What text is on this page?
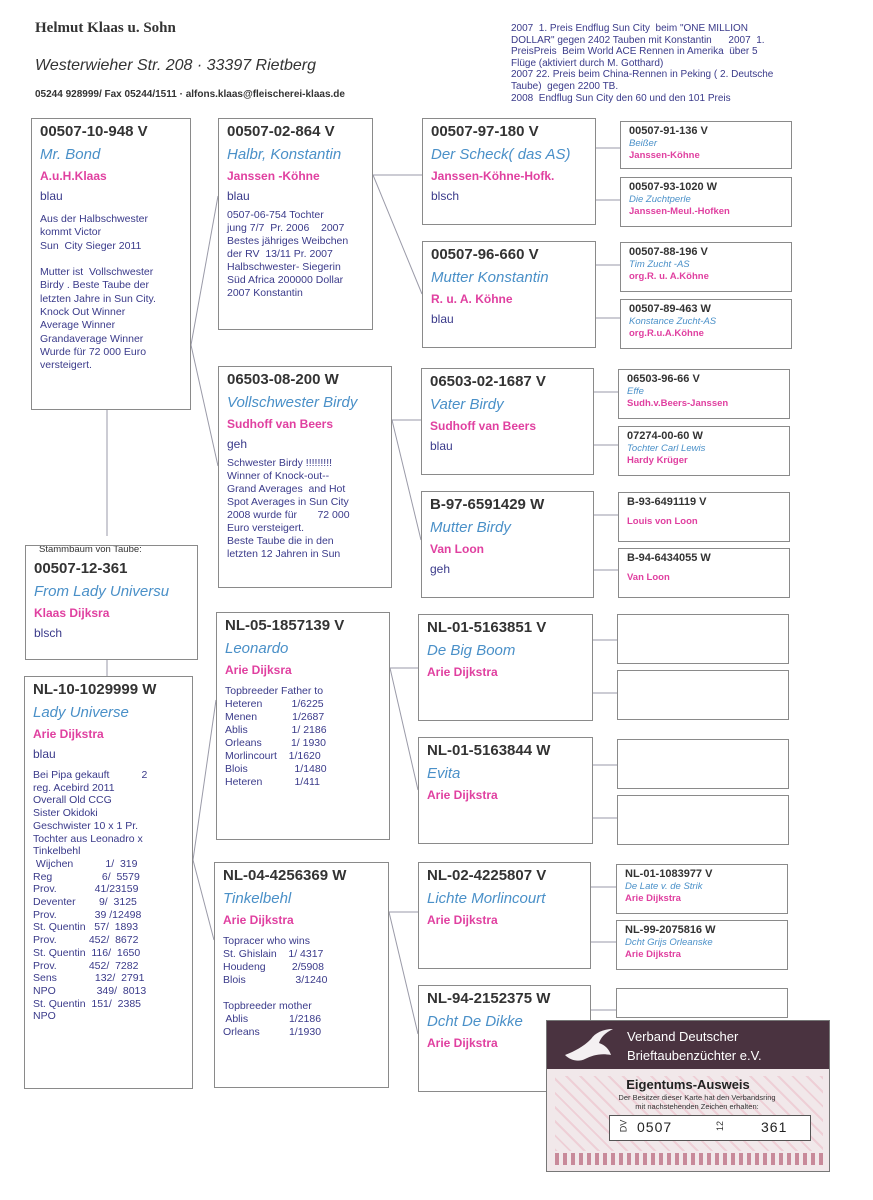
Helmut Klaas u. Sohn
Westerwieher Str. 208 · 33397 Rietberg
05244 928999/ Fax 05244/1511 · alfons.klaas@fleischerei-klaas.de
2007  1. Preis Endflug Sun City  beim "ONE MILLION DOLLAR" gegen 2402 Tauben mit Konstantin      2007  1. PreisPreis  Beim World ACE Rennen in Amerika  über 5 Flüge (aktiviert durch M. Gotthard)
2007 22. Preis beim China-Rennen in Peking ( 2. Deutsche Taube)  gegen 2200 TB.
2008  Endflug Sun City den 60 und den 101 Preis
00507-10-948 V
Mr. Bond
A.u.H.Klaas
blau
Aus der Halbschwester
kommt Victor
Sun  City Sieger 2011

Mutter ist  Vollschwester
Birdy . Beste Taube der
letzten Jahre in Sun City.
Knock Out Winner
Average Winner
Grandaverage Winner
Wurde für 72 000 Euro
versteigert.
Stammbaum von Taube:
00507-12-361
From Lady Universu
Klaas Dijksra
blsch
NL-10-1029999 W
Lady Universe
Arie Dijkstra
blau
Bei Pipa gekauft           2
reg. Acebird 2011
Overall Old CCG
Sister Okidoki
Geschwister 10 x 1 Pr.
Tochter aus Leonadro x
Tinkelbehl
Wijchen           1/  319
Reg                 6/  5579
Prov.             41/23159
Deventer        9/  3125
Prov.             39 /12498
St. Quentin   57/  1893
Prov.           452/  8672
St. Quentin  116/  1650
Prov.           452/  7282
Sens             132/  2791
NPO              349/  8013
St. Quentin  151/  2385
NPO
00507-02-864 V
Halbr, Konstantin
Janssen -Köhne
blau
0507-06-754 Tochter
jung 7/7  Pr. 2006    2007
Bestes jähriges Weibchen
der RV  13/11 Pr. 2007
Halbschwester- Siegerin
Süd Africa 200000 Dollar
2007 Konstantin
06503-08-200 W
Vollschwester Birdy
Sudhoff van Beers
geh
Schwester Birdy !!!!!!!!!
Winner of Knock-out--
Grand Averages  and Hot
Spot Averages in Sun City
2008 wurde für       72 000
Euro versteigert.
Beste Taube die in den
letzten 12 Jahren in Sun
NL-05-1857139 V
Leonardo
Arie Dijksra
Topbreeder Father to
Heteren          1/6225
Menen            1/2687
Ablis               1/ 2186
Orleans          1/ 1930
Morlincourt    1/1620
Blois                1/1480
Heteren           1/411
NL-04-4256369 W
Tinkelbehl
Arie Dijkstra
Topracer who wins
St. Ghislain    1/ 4317
Houdeng         2/5908
Blois                 3/1240

Topbreeder mother
Ablis              1/2186
Orleans          1/1930
00507-97-180 V
Der Scheck( das AS)
Janssen-Köhne-Hofk.
blsch
00507-96-660 V
Mutter Konstantin
R. u. A. Köhne
blau
06503-02-1687 V
Vater Birdy
Sudhoff van Beers
blau
B-97-6591429 W
Mutter Birdy
Van Loon
geh
NL-01-5163851 V
De Big Boom
Arie Dijkstra
NL-01-5163844 W
Evita
Arie Dijkstra
NL-02-4225807 V
Lichte Morlincourt
Arie Dijkstra
NL-94-2152375 W
Dcht De Dikke
Arie Dijkstra
00507-91-136 V
Beißer
Janssen-Köhne
00507-93-1020 W
Die Zuchtperle
Janssen-Meul.-Hofken
00507-88-196 V
Tim Zucht -AS
org.R. u. A.Köhne
00507-89-463 W
Konstance Zucht-AS
org.R.u.A.Köhne
06503-96-66 V
Effe
Sudh.v.Beers-Janssen
07274-00-60 W
Tochter Carl Lewis
Hardy Krüger
B-93-6491119 V
Louis von Loon
B-94-6434055 W
Van Loon
NL-01-1083977 V
De Late v. de Strik
Arie Dijkstra
NL-99-2075816 W
Dcht Grijs Orleanske
Arie Dijkstra
Verband Deutscher
Brieftaubenzüchter e.V.
Eigentums-Ausweis
Der Besitzer dieser Karte hat den Verbandsring
mit nachstehenden Zeichen erhalten:
DV 0507	12	361
